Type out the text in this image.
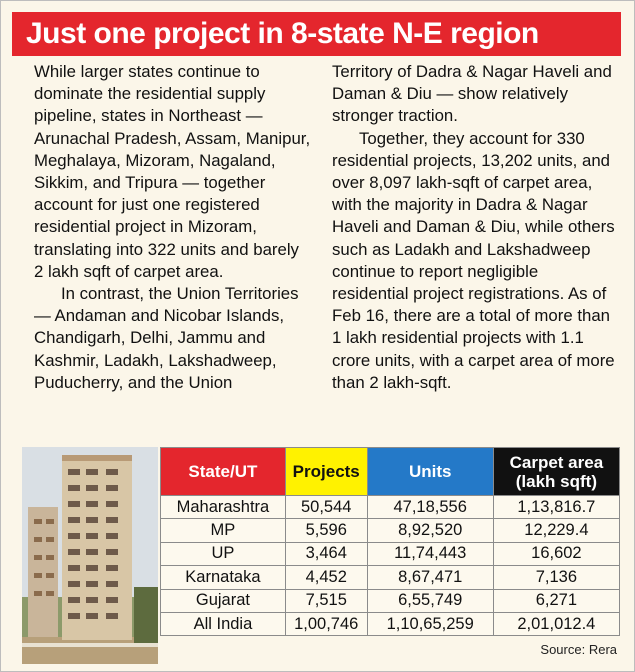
Just one project in 8-state N-E region

While larger states continue to dominate the residential supply pipeline, states in Northeast — Arunachal Pradesh, Assam, Manipur, Meghalaya, Mizoram, Nagaland, Sikkim, and Tripura — together account for just one registered residential project in Mizoram, translating into 322 units and barely 2 lakh sqft of carpet area.

In contrast, the Union Territories — Andaman and Nicobar Islands, Chandigarh, Delhi, Jammu and Kashmir, Ladakh, Lakshadweep, Puducherry, and the Union

Territory of Dadra & Nagar Haveli and Daman & Diu — show relatively stronger traction.

Together, they account for 330 residential projects, 13,202 units, and over 8,097 lakh-sqft of carpet area, with the majority in Dadra & Nagar Haveli and Daman & Diu, while others such as Ladakh and Lakshadweep continue to report negligible residential project registrations. As of Feb 16, there are a total of more than 1 lakh residential projects with 1.1 crore units, with a carpet area of more than 2 lakh-sqft.

State/UT	Projects	Units	Carpet area
(lakh sqft)
Maharashtra	50,544	47,18,556	1,13,816.7
MP	5,596	8,92,520	12,229.4
UP	3,464	11,74,443	16,602
Karnataka	4,452	8,67,471	7,136
Gujarat	7,515	6,55,749	6,271
All India	1,00,746	1,10,65,259	2,01,012.4
Source: Rera
